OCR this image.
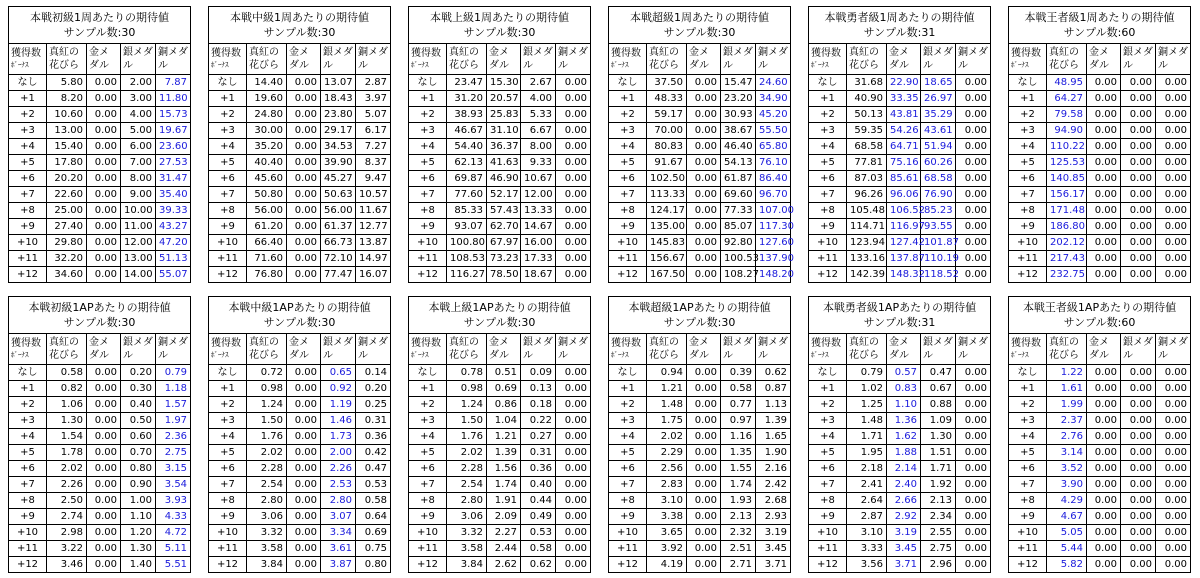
本戦初級1周あたりの期待値
サンプル数:30				

獲得数
ﾎﾞｰﾅｽ	真紅の花びら	金メダル	銀メダル	銅メダル
なし	5.80	0.00	2.00	7.87
+1	8.20	0.00	3.00	11.80
+2	10.60	0.00	4.00	15.73
+3	13.00	0.00	5.00	19.67
+4	15.40	0.00	6.00	23.60
+5	17.80	0.00	7.00	27.53
+6	20.20	0.00	8.00	31.47
+7	22.60	0.00	9.00	35.40
+8	25.00	0.00	10.00	39.33
+9	27.40	0.00	11.00	43.27
+10	29.80	0.00	12.00	47.20
+11	32.20	0.00	13.00	51.13
+12	34.60	0.00	14.00	55.07
本戦中級1周あたりの期待値
サンプル数:30				

獲得数
ﾎﾞｰﾅｽ	真紅の花びら	金メダル	銀メダル	銅メダル
なし	14.40	0.00	13.07	2.87
+1	19.60	0.00	18.43	3.97
+2	24.80	0.00	23.80	5.07
+3	30.00	0.00	29.17	6.17
+4	35.20	0.00	34.53	7.27
+5	40.40	0.00	39.90	8.37
+6	45.60	0.00	45.27	9.47
+7	50.80	0.00	50.63	10.57
+8	56.00	0.00	56.00	11.67
+9	61.20	0.00	61.37	12.77
+10	66.40	0.00	66.73	13.87
+11	71.60	0.00	72.10	14.97
+12	76.80	0.00	77.47	16.07
本戦上級1周あたりの期待値
サンプル数:30				

獲得数
ﾎﾞｰﾅｽ	真紅の花びら	金メダル	銀メダル	銅メダル
なし	23.47	15.30	2.67	0.00
+1	31.20	20.57	4.00	0.00
+2	38.93	25.83	5.33	0.00
+3	46.67	31.10	6.67	0.00
+4	54.40	36.37	8.00	0.00
+5	62.13	41.63	9.33	0.00
+6	69.87	46.90	10.67	0.00
+7	77.60	52.17	12.00	0.00
+8	85.33	57.43	13.33	0.00
+9	93.07	62.70	14.67	0.00
+10	100.80	67.97	16.00	0.00
+11	108.53	73.23	17.33	0.00
+12	116.27	78.50	18.67	0.00
本戦超級1周あたりの期待値
サンプル数:30				

獲得数
ﾎﾞｰﾅｽ	真紅の花びら	金メダル	銀メダル	銅メダル
なし	37.50	0.00	15.47	24.60
+1	48.33	0.00	23.20	34.90
+2	59.17	0.00	30.93	45.20
+3	70.00	0.00	38.67	55.50
+4	80.83	0.00	46.40	65.80
+5	91.67	0.00	54.13	76.10
+6	102.50	0.00	61.87	86.40
+7	113.33	0.00	69.60	96.70
+8	124.17	0.00	77.33	107.00
+9	135.00	0.00	85.07	117.30
+10	145.83	0.00	92.80	127.60
+11	156.67	0.00	100.53	137.90
+12	167.50	0.00	108.27	148.20
本戦勇者級1周あたりの期待値
サンプル数:31				

獲得数
ﾎﾞｰﾅｽ	真紅の花びら	金メダル	銀メダル	銅メダル
なし	31.68	22.90	18.65	0.00
+1	40.90	33.35	26.97	0.00
+2	50.13	43.81	35.29	0.00
+3	59.35	54.26	43.61	0.00
+4	68.58	64.71	51.94	0.00
+5	77.81	75.16	60.26	0.00
+6	87.03	85.61	68.58	0.00
+7	96.26	96.06	76.90	0.00
+8	105.48	106.52	85.23	0.00
+9	114.71	116.97	93.55	0.00
+10	123.94	127.42	101.87	0.00
+11	133.16	137.87	110.19	0.00
+12	142.39	148.32	118.52	0.00
本戦王者級1周あたりの期待値
サンプル数:60				

獲得数
ﾎﾞｰﾅｽ	真紅の花びら	金メダル	銀メダル	銅メダル
なし	48.95	0.00	0.00	0.00
+1	64.27	0.00	0.00	0.00
+2	79.58	0.00	0.00	0.00
+3	94.90	0.00	0.00	0.00
+4	110.22	0.00	0.00	0.00
+5	125.53	0.00	0.00	0.00
+6	140.85	0.00	0.00	0.00
+7	156.17	0.00	0.00	0.00
+8	171.48	0.00	0.00	0.00
+9	186.80	0.00	0.00	0.00
+10	202.12	0.00	0.00	0.00
+11	217.43	0.00	0.00	0.00
+12	232.75	0.00	0.00	0.00
本戦初級1APあたりの期待値
サンプル数:30				

獲得数
ﾎﾞｰﾅｽ	真紅の花びら	金メダル	銀メダル	銅メダル
なし	0.58	0.00	0.20	0.79
+1	0.82	0.00	0.30	1.18
+2	1.06	0.00	0.40	1.57
+3	1.30	0.00	0.50	1.97
+4	1.54	0.00	0.60	2.36
+5	1.78	0.00	0.70	2.75
+6	2.02	0.00	0.80	3.15
+7	2.26	0.00	0.90	3.54
+8	2.50	0.00	1.00	3.93
+9	2.74	0.00	1.10	4.33
+10	2.98	0.00	1.20	4.72
+11	3.22	0.00	1.30	5.11
+12	3.46	0.00	1.40	5.51
本戦中級1APあたりの期待値
サンプル数:30				

獲得数
ﾎﾞｰﾅｽ	真紅の花びら	金メダル	銀メダル	銅メダル
なし	0.72	0.00	0.65	0.14
+1	0.98	0.00	0.92	0.20
+2	1.24	0.00	1.19	0.25
+3	1.50	0.00	1.46	0.31
+4	1.76	0.00	1.73	0.36
+5	2.02	0.00	2.00	0.42
+6	2.28	0.00	2.26	0.47
+7	2.54	0.00	2.53	0.53
+8	2.80	0.00	2.80	0.58
+9	3.06	0.00	3.07	0.64
+10	3.32	0.00	3.34	0.69
+11	3.58	0.00	3.61	0.75
+12	3.84	0.00	3.87	0.80
本戦上級1APあたりの期待値
サンプル数:30				

獲得数
ﾎﾞｰﾅｽ	真紅の花びら	金メダル	銀メダル	銅メダル
なし	0.78	0.51	0.09	0.00
+1	0.98	0.69	0.13	0.00
+2	1.24	0.86	0.18	0.00
+3	1.50	1.04	0.22	0.00
+4	1.76	1.21	0.27	0.00
+5	2.02	1.39	0.31	0.00
+6	2.28	1.56	0.36	0.00
+7	2.54	1.74	0.40	0.00
+8	2.80	1.91	0.44	0.00
+9	3.06	2.09	0.49	0.00
+10	3.32	2.27	0.53	0.00
+11	3.58	2.44	0.58	0.00
+12	3.84	2.62	0.62	0.00
本戦超級1APあたりの期待値
サンプル数:30				

獲得数
ﾎﾞｰﾅｽ	真紅の花びら	金メダル	銀メダル	銅メダル
なし	0.94	0.00	0.39	0.62
+1	1.21	0.00	0.58	0.87
+2	1.48	0.00	0.77	1.13
+3	1.75	0.00	0.97	1.39
+4	2.02	0.00	1.16	1.65
+5	2.29	0.00	1.35	1.90
+6	2.56	0.00	1.55	2.16
+7	2.83	0.00	1.74	2.42
+8	3.10	0.00	1.93	2.68
+9	3.38	0.00	2.13	2.93
+10	3.65	0.00	2.32	3.19
+11	3.92	0.00	2.51	3.45
+12	4.19	0.00	2.71	3.71
本戦勇者級1APあたりの期待値
サンプル数:31				

獲得数
ﾎﾞｰﾅｽ	真紅の花びら	金メダル	銀メダル	銅メダル
なし	0.79	0.57	0.47	0.00
+1	1.02	0.83	0.67	0.00
+2	1.25	1.10	0.88	0.00
+3	1.48	1.36	1.09	0.00
+4	1.71	1.62	1.30	0.00
+5	1.95	1.88	1.51	0.00
+6	2.18	2.14	1.71	0.00
+7	2.41	2.40	1.92	0.00
+8	2.64	2.66	2.13	0.00
+9	2.87	2.92	2.34	0.00
+10	3.10	3.19	2.55	0.00
+11	3.33	3.45	2.75	0.00
+12	3.56	3.71	2.96	0.00
本戦王者級1APあたりの期待値
サンプル数:60				

獲得数
ﾎﾞｰﾅｽ	真紅の花びら	金メダル	銀メダル	銅メダル
なし	1.22	0.00	0.00	0.00
+1	1.61	0.00	0.00	0.00
+2	1.99	0.00	0.00	0.00
+3	2.37	0.00	0.00	0.00
+4	2.76	0.00	0.00	0.00
+5	3.14	0.00	0.00	0.00
+6	3.52	0.00	0.00	0.00
+7	3.90	0.00	0.00	0.00
+8	4.29	0.00	0.00	0.00
+9	4.67	0.00	0.00	0.00
+10	5.05	0.00	0.00	0.00
+11	5.44	0.00	0.00	0.00
+12	5.82	0.00	0.00	0.00
